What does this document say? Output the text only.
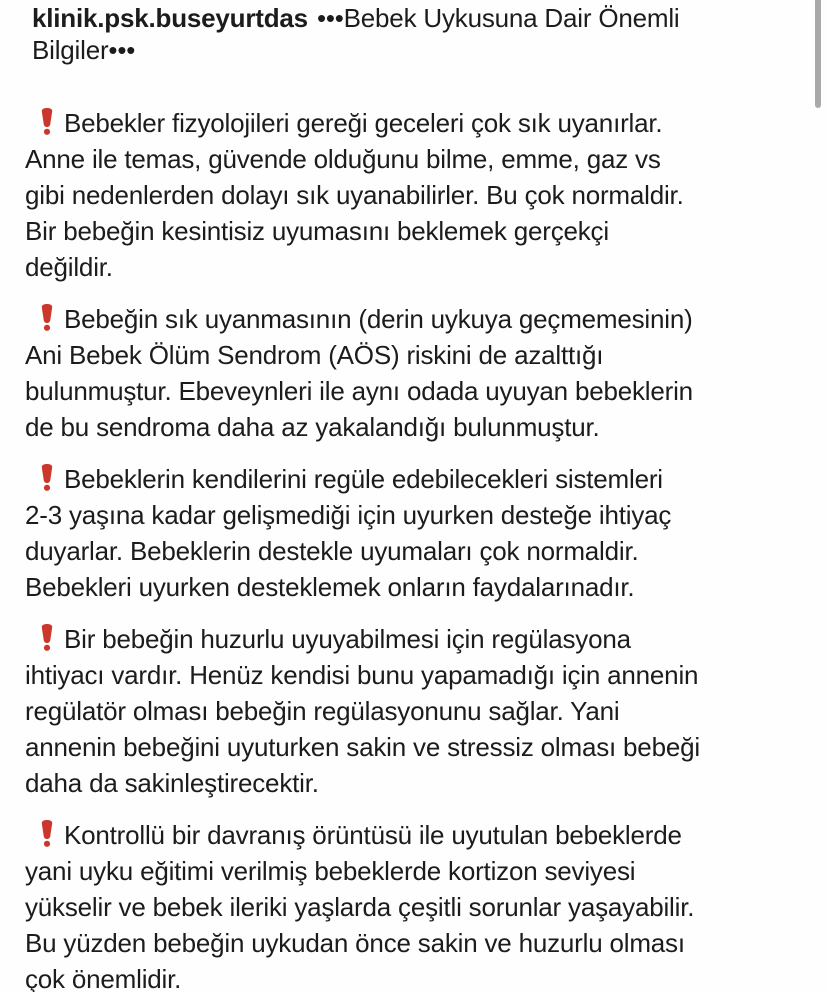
klinik.psk.buseyurtdas •••Bebek Uykusuna Dair Önemli
Bilgiler•••
Bebekler fizyolojileri gereği geceleri çok sık uyanırlar.
Anne ile temas, güvende olduğunu bilme, emme, gaz vs
gibi nedenlerden dolayı sık uyanabilirler. Bu çok normaldir.
Bir bebeğin kesintisiz uyumasını beklemek gerçekçi
değildir.
Bebeğin sık uyanmasının (derin uykuya geçmemesinin)
Ani Bebek Ölüm Sendrom (AÖS) riskini de azalttığı
bulunmuştur. Ebeveynleri ile aynı odada uyuyan bebeklerin
de bu sendroma daha az yakalandığı bulunmuştur.
Bebeklerin kendilerini regüle edebilecekleri sistemleri
2-3 yaşına kadar gelişmediği için uyurken desteğe ihtiyaç
duyarlar. Bebeklerin destekle uyumaları çok normaldir.
Bebekleri uyurken desteklemek onların faydalarınadır.
Bir bebeğin huzurlu uyuyabilmesi için regülasyona
ihtiyacı vardır. Henüz kendisi bunu yapamadığı için annenin
regülatör olması bebeğin regülasyonunu sağlar. Yani
annenin bebeğini uyuturken sakin ve stressiz olması bebeği
daha da sakinleştirecektir.
Kontrollü bir davranış örüntüsü ile uyutulan bebeklerde
yani uyku eğitimi verilmiş bebeklerde kortizon seviyesi
yükselir ve bebek ileriki yaşlarda çeşitli sorunlar yaşayabilir.
Bu yüzden bebeğin uykudan önce sakin ve huzurlu olması
çok önemlidir.
